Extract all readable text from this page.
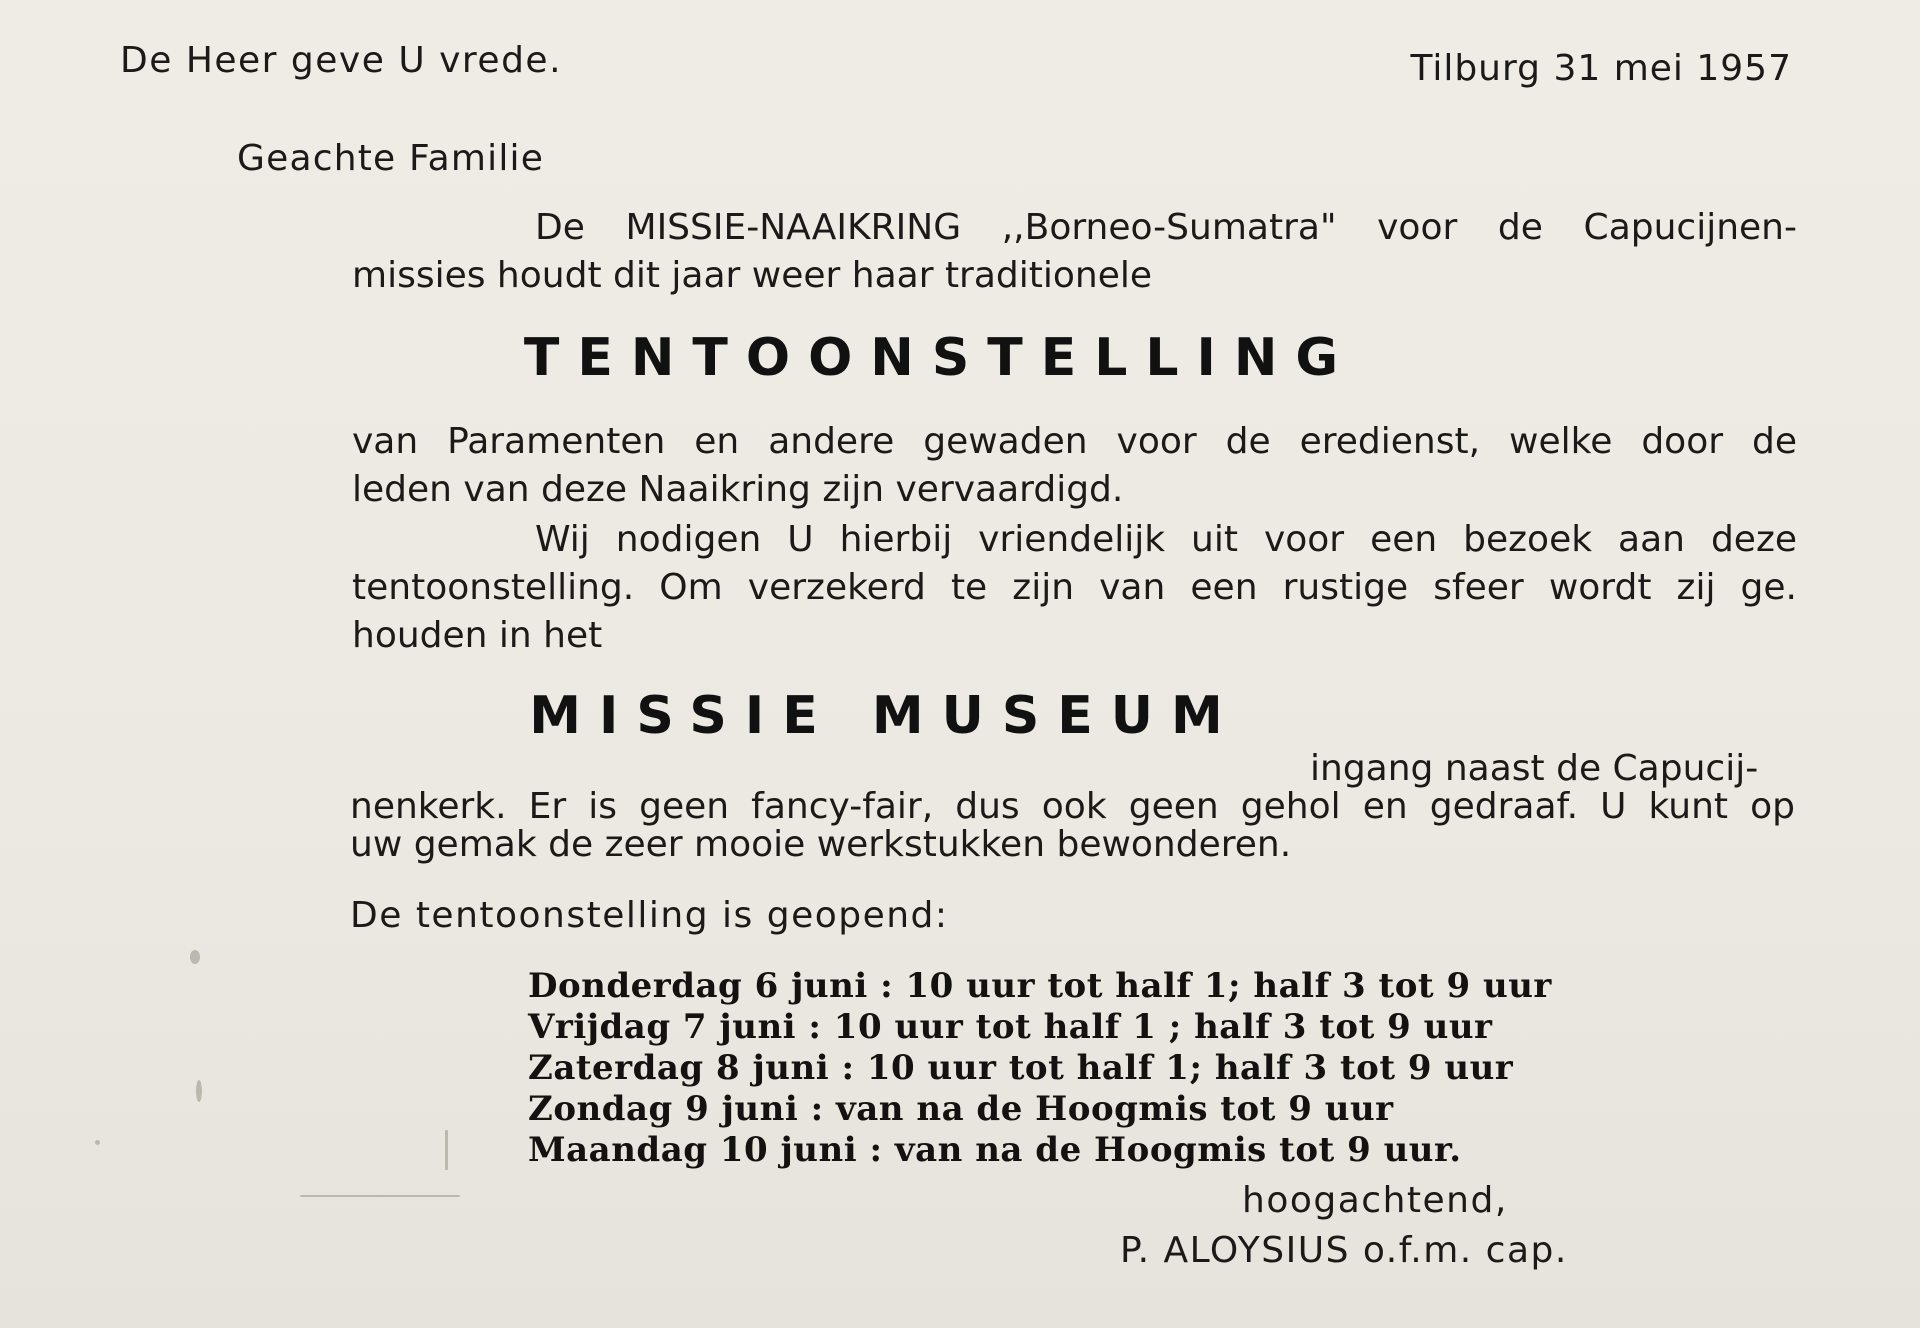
De Heer geve U vrede.	Tilburg 31 mei 1957
Geachte Familie
De MISSIE-NAAIKRING ,,Borneo-Sumatra" voor de Capucijnen-
missies houdt dit jaar weer haar traditionele
TENTOONSTELLING
van Paramenten en andere gewaden voor de eredienst, welke door de
leden van deze Naaikring zijn vervaardigd.
Wij nodigen U hierbij vriendelijk uit voor een bezoek aan deze
tentoonstelling. Om verzekerd te zijn van een rustige sfeer wordt zij ge.
houden in het
MISSIE MUSEUM
ingang naast de Capucij-
nenkerk. Er is geen fancy-fair, dus ook geen gehol en gedraaf. U kunt op
uw gemak de zeer mooie werkstukken bewonderen.
De tentoonstelling is geopend:
Donderdag 6 juni : 10 uur tot half 1; half 3 tot 9 uur
Vrijdag 7 juni : 10 uur tot half 1 ; half 3 tot 9 uur
Zaterdag 8 juni : 10 uur tot half 1; half 3 tot 9 uur
Zondag 9 juni : van na de Hoogmis tot 9 uur
Maandag 10 juni : van na de Hoogmis tot 9 uur.
hoogachtend,
P. ALOYSIUS o.f.m. cap.
